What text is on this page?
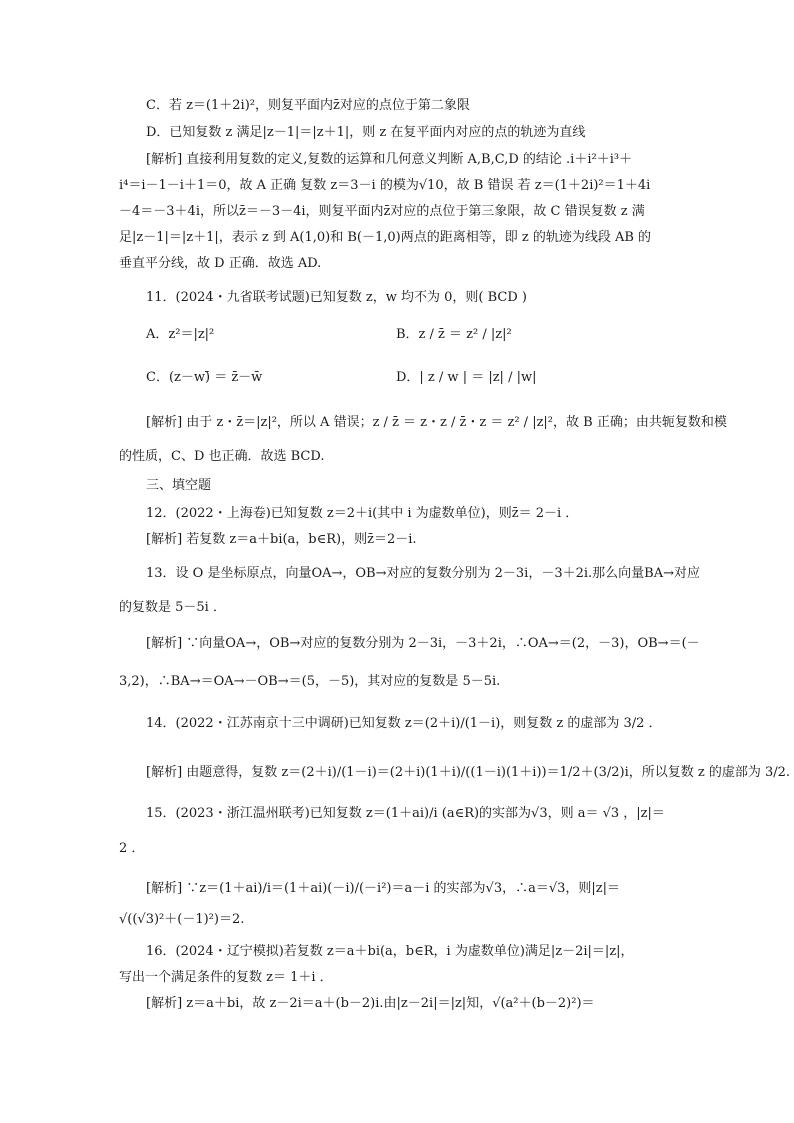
C．若 z＝(1＋2i)²，则复平面内z̄对应的点位于第二象限
D．已知复数 z 满足|z－1|＝|z＋1|，则 z 在复平面内对应的点的轨迹为直线
[解析] 直接利用复数的定义,复数的运算和几何意义判断 A,B,C,D 的结论 .i＋i²＋i³＋
i⁴＝i－1－i＋1＝0，故 A 正确 复数 z＝3－i 的模为√10，故 B 错误 若 z＝(1＋2i)²＝1＋4i
－4＝－3＋4i，所以z̄＝－3－4i，则复平面内z̄对应的点位于第三象限，故 C 错误复数 z 满
足|z－1|＝|z＋1|，表示 z 到 A(1,0)和 B(－1,0)两点的距离相等，即 z 的轨迹为线段 AB 的
垂直平分线，故 D 正确．故选 AD.
11．(2024・九省联考试题)已知复数 z，w 均不为 0，则( BCD )
A．z²＝|z|²	B．z / z̄ ＝ z² / |z|²
C．(z－w)̄ ＝ z̄－w̄	D．| z / w | ＝ |z| / |w|
[解析] 由于 z・z̄＝|z|²，所以 A 错误；z / z̄ ＝ z・z / z̄・z ＝ z² / |z|²，故 B 正确；由共轭复数和模
的性质，C、D 也正确．故选 BCD.
三、填空题
12．(2022・上海卷)已知复数 z＝2＋i(其中 i 为虚数单位)，则z̄＝ 2－i ．
[解析] 若复数 z＝a＋bi(a，b∈R)，则z̄＝2－i.
13．设 O 是坐标原点，向量OA→，OB→对应的复数分别为 2－3i，－3＋2i.那么向量BA→对应
的复数是 5－5i ．
[解析] ∵向量OA→，OB→对应的复数分别为 2－3i，－3＋2i，∴OA→＝(2，－3)，OB→＝(－
3,2)，∴BA→＝OA→－OB→＝(5，－5)，其对应的复数是 5－5i.
14．(2022・江苏南京十三中调研)已知复数 z＝(2＋i)/(1－i)，则复数 z 的虚部为 3/2 ．
[解析] 由题意得，复数 z＝(2＋i)/(1－i)＝(2＋i)(1＋i)/((1－i)(1＋i))＝1/2＋(3/2)i，所以复数 z 的虚部为 3/2.
15．(2023・浙江温州联考)已知复数 z＝(1＋ai)/i (a∈R)的实部为√3，则 a＝ √3 ，|z|＝
2 ．
[解析] ∵z＝(1＋ai)/i＝(1＋ai)(－i)/(－i²)＝a－i 的实部为√3，∴a＝√3，则|z|＝
√((√3)²＋(－1)²)＝2.
16．(2024・辽宁模拟)若复数 z＝a＋bi(a，b∈R，i 为虚数单位)满足|z－2i|＝|z|，
写出一个满足条件的复数 z＝ 1＋i ．
[解析] z＝a＋bi，故 z－2i＝a＋(b－2)i.由|z－2i|＝|z|知，√(a²＋(b－2)²)＝
